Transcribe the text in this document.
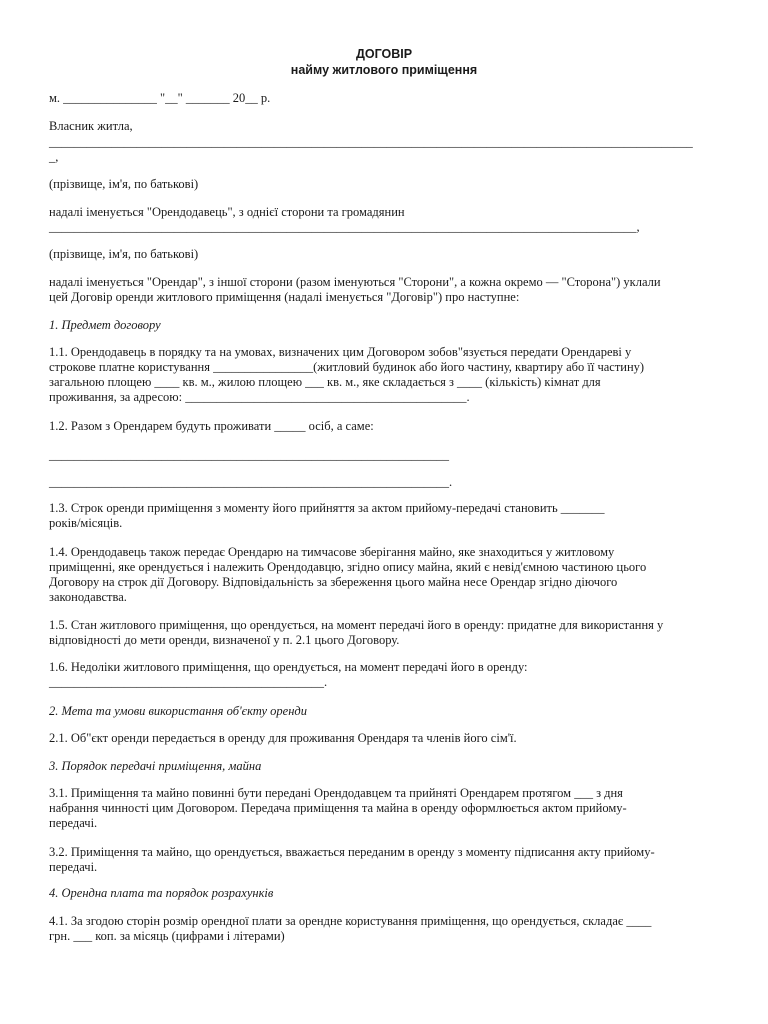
ДОГОВІР
найму житлового приміщення
м. _______________ "__" _______ 20__ р.
Власник житла,
_______________________________________________________________________________________________________
_,
(прізвище, ім'я, по батькові)
надалі іменується "Орендодавець", з однієї сторони та громадянин
______________________________________________________________________________________________,
(прізвище, ім'я, по батькові)
надалі іменується "Орендар", з іншої сторони (разом іменуються "Сторони", а кожна окремо — "Сторона") уклали
цей Договір оренди житлового приміщення (надалі іменується "Договір") про наступне:
1. Предмет договору
1.1. Орендодавець в порядку та на умовах, визначених цим Договором зобов"язується передати Орендареві у
строкове платне користування ________________(житловий будинок або його частину, квартиру або її частину)
загальною площею ____ кв. м., жилою площею ___ кв. м., яке складається з ____ (кількість) кімнат для
проживання, за адресою: _____________________________________________.
1.2. Разом з Орендарем будуть проживати _____ осіб, а саме:
________________________________________________________________
________________________________________________________________.
1.3. Строк оренди приміщення з моменту його прийняття за актом прийому-передачі становить _______
років/місяців.
1.4. Орендодавець також передає Орендарю на тимчасове зберігання майно, яке знаходиться у житловому
приміщенні, яке орендується і належить Орендодавцю, згідно опису майна, який є невід'ємною частиною цього
Договору на строк дії Договору. Відповідальність за збереження цього майна несе Орендар згідно діючого
законодавства.
1.5. Стан житлового приміщення, що орендується, на момент передачі його в оренду: придатне для використання у
відповідності до мети оренди, визначеної у п. 2.1 цього Договору.
1.6. Недоліки житлового приміщення, що орендується, на момент передачі його в оренду:
____________________________________________.
2. Мета та умови використання об'єкту оренди
2.1. Об"єкт оренди передається в оренду для проживання Орендаря та членів його сім'ї.
3. Порядок передачі приміщення, майна
3.1. Приміщення та майно повинні бути передані Орендодавцем та прийняті Орендарем протягом ___ з дня
набрання чинності цим Договором. Передача приміщення та майна в оренду оформлюється актом прийому-
передачі.
3.2. Приміщення та майно, що орендується, вважається переданим в оренду з моменту підписання акту прийому-
передачі.
4. Орендна плата та порядок розрахунків
4.1. За згодою сторін розмір орендної плати за орендне користування приміщення, що орендується, складає ____
грн. ___ коп. за місяць (цифрами і літерами)
